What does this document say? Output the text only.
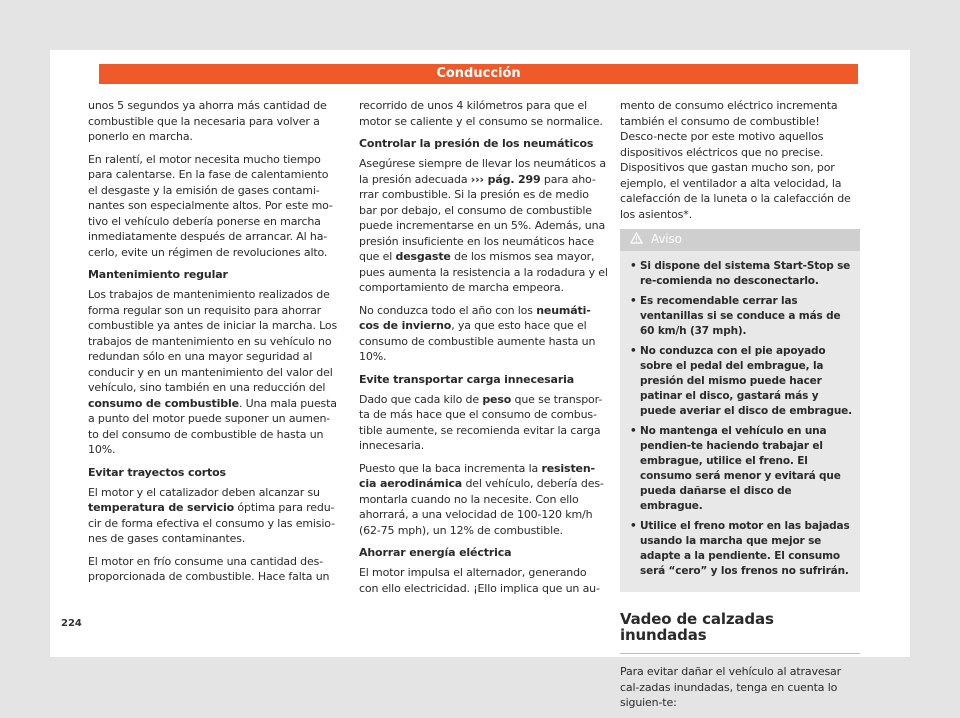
Conducción

unos 5 segundos ya ahorra más cantidad de combustible que la necesaria para volver a ponerlo en marcha.

En ralentí, el motor necesita mucho tiempo para calentarse. En la fase de calentamiento el desgaste y la emisión de gases contami-nantes son especialmente altos. Por este mo-tivo el vehículo debería ponerse en marcha inmediatamente después de arrancar. Al ha-cerlo, evite un régimen de revoluciones alto.

Mantenimiento regular

Los trabajos de mantenimiento realizados de forma regular son un requisito para ahorrar combustible ya antes de iniciar la marcha. Los trabajos de mantenimiento en su vehículo no redundan sólo en una mayor seguridad al conducir y en un mantenimiento del valor del vehículo, sino también en una reducción del consumo de combustible. Una mala puesta a punto del motor puede suponer un aumen-to del consumo de combustible de hasta un 10%.

Evitar trayectos cortos

El motor y el catalizador deben alcanzar su
temperatura de servicio óptima para redu-cir de forma efectiva el consumo y las emisio-nes de gases contaminantes.

El motor en frío consume una cantidad des-proporcionada de combustible. Hace falta un

recorrido de unos 4 kilómetros para que el motor se caliente y el consumo se normalice.

Controlar la presión de los neumáticos

Asegúrese siempre de llevar los neumáticos a la presión adecuada ››› pág. 299 para aho-rrar combustible. Si la presión es de medio bar por debajo, el consumo de combustible puede incrementarse en un 5%. Además, una presión insuficiente en los neumáticos hace que el desgaste de los mismos sea mayor, pues aumenta la resistencia a la rodadura y el comportamiento de marcha empeora.

No conduzca todo el año con los neumáti-cos de invierno, ya que esto hace que el consumo de combustible aumente hasta un 10%.

Evite transportar carga innecesaria

Dado que cada kilo de peso que se transpor-ta de más hace que el consumo de combus-tible aumente, se recomienda evitar la carga innecesaria.

Puesto que la baca incrementa la resisten-cia aerodinámica del vehículo, debería des-montarla cuando no la necesite. Con ello ahorrará, a una velocidad de 100-120 km/h (62-75 mph), un 12% de combustible.

Ahorrar energía eléctrica

El motor impulsa el alternador, generando con ello electricidad. ¡Ello implica que un au-

mento de consumo eléctrico incrementa también el consumo de combustible! Desco-necte por este motivo aquellos dispositivos eléctricos que no precise. Dispositivos que gastan mucho son, por ejemplo, el ventilador a alta velocidad, la calefacción de la luneta o la calefacción de los asientos*.

Aviso
• Si dispone del sistema Start-Stop se re-comienda no desconectarlo.
• Es recomendable cerrar las ventanillas si se conduce a más de 60 km/h (37 mph).
• No conduzca con el pie apoyado sobre el pedal del embrague, la presión del mismo puede hacer patinar el disco, gastará más y puede averiar el disco de embrague.
• No mantenga el vehículo en una pendien-te haciendo trabajar el embrague, utilice el freno. El consumo será menor y evitará que pueda dañarse el disco de embrague.
• Utilice el freno motor en las bajadas usando la marcha que mejor se adapte a la pendiente. El consumo será “cero” y los frenos no sufrirán.
Vadeo de calzadas inundadas

Para evitar dañar el vehículo al atravesar cal-zadas inundadas, tenga en cuenta lo siguien-te:

224
